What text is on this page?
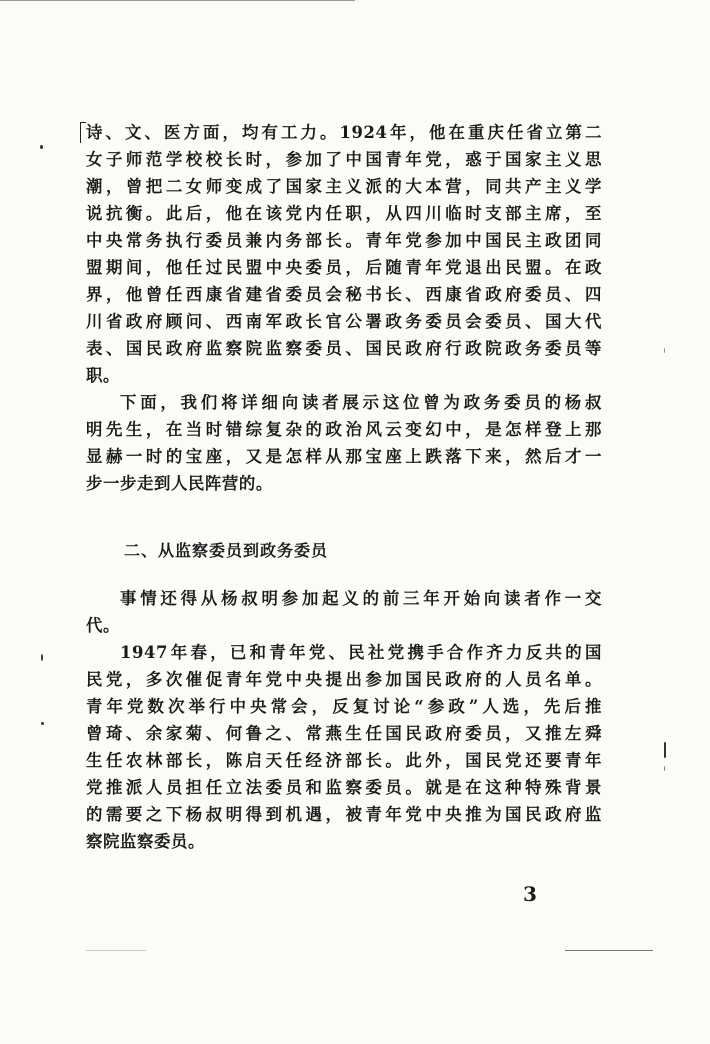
诗、文、医方面，均有工力。1924年，他在重庆任省立第二
女子师范学校校长时，参加了中国青年党，惑于国家主义思
潮，曾把二女师变成了国家主义派的大本营，同共产主义学
说抗衡。此后，他在该党内任职，从四川临时支部主席，至
中央常务执行委员兼内务部长。青年党参加中国民主政团同
盟期间，他任过民盟中央委员，后随青年党退出民盟。在政
界，他曾任西康省建省委员会秘书长、西康省政府委员、四
川省政府顾问、西南军政长官公署政务委员会委员、国大代
表、国民政府监察院监察委员、国民政府行政院政务委员等
职。
下面，我们将详细向读者展示这位曾为政务委员的杨叔
明先生，在当时错综复杂的政治风云变幻中，是怎样登上那
显赫一时的宝座，又是怎样从那宝座上跌落下来，然后才一
步一步走到人民阵营的。
二、从监察委员到政务委员
事情还得从杨叔明参加起义的前三年开始向读者作一交
代。
1947年春，已和青年党、民社党携手合作齐力反共的国
民党，多次催促青年党中央提出参加国民政府的人员名单。
青年党数次举行中央常会，反复讨论“参政”人选，先后推
曾琦、余家菊、何鲁之、常燕生任国民政府委员，又推左舜
生任农林部长，陈启天任经济部长。此外，国民党还要青年
党推派人员担任立法委员和监察委员。就是在这种特殊背景
的需要之下杨叔明得到机遇，被青年党中央推为国民政府监
察院监察委员。
3
